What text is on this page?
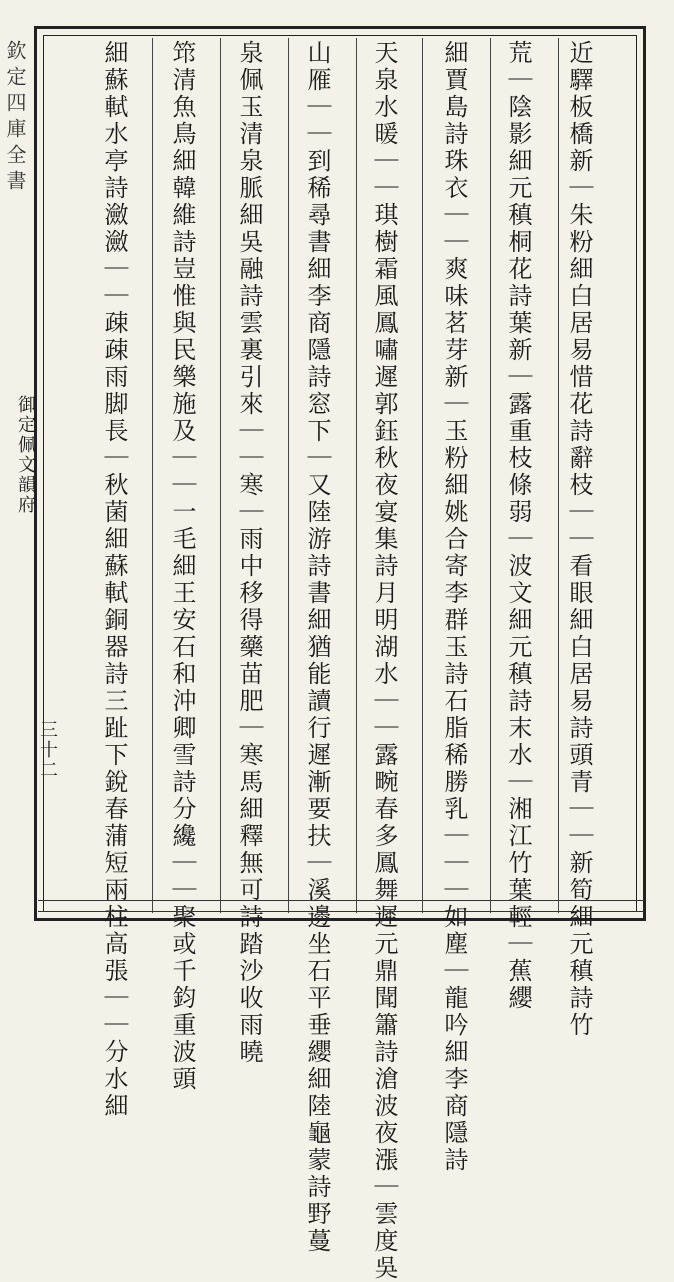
欽定四庫全書
御定佩文韻府
三十二	近驛板橋新｜朱粉細白居易惜花詩辭枝｜｜看眼細白居易詩頭青｜｜新筍細元稹詩竹
荒｜陰影細元稹桐花詩葉新｜露重枝條弱｜波文細元稹詩末水｜湘江竹葉輕｜蕉纓
細賈島詩珠衣｜｜爽味茗芽新｜玉粉細姚合寄李群玉詩石脂稀勝乳｜｜｜如塵｜龍吟細李商隱詩
天泉水暖｜｜琪樹霜風鳳嘯遲郭鈺秋夜宴集詩月明湖水｜｜露畹春多鳳舞遲元鼎聞簫詩滄波夜漲｜雲度吳
山雁｜｜到稀尋書細李商隱詩窓下｜又陸游詩書細猶能讀行遲漸要扶｜溪邊坐石平垂纓細陸龜蒙詩野蔓
泉佩玉清泉脈細吳融詩雲裏引來｜｜寒｜雨中移得藥苗肥｜寒馬細釋無可詩踏沙收雨曉
筇清魚鳥細韓維詩豈惟與民樂施及｜｜一毛細王安石和沖卿雪詩分纔｜｜聚或千鈞重波頭
細蘇軾水亭詩瀲瀲｜｜疎疎雨脚長｜秋菌細蘇軾銅器詩三趾下銳春蒲短兩柱高張｜｜分水細
